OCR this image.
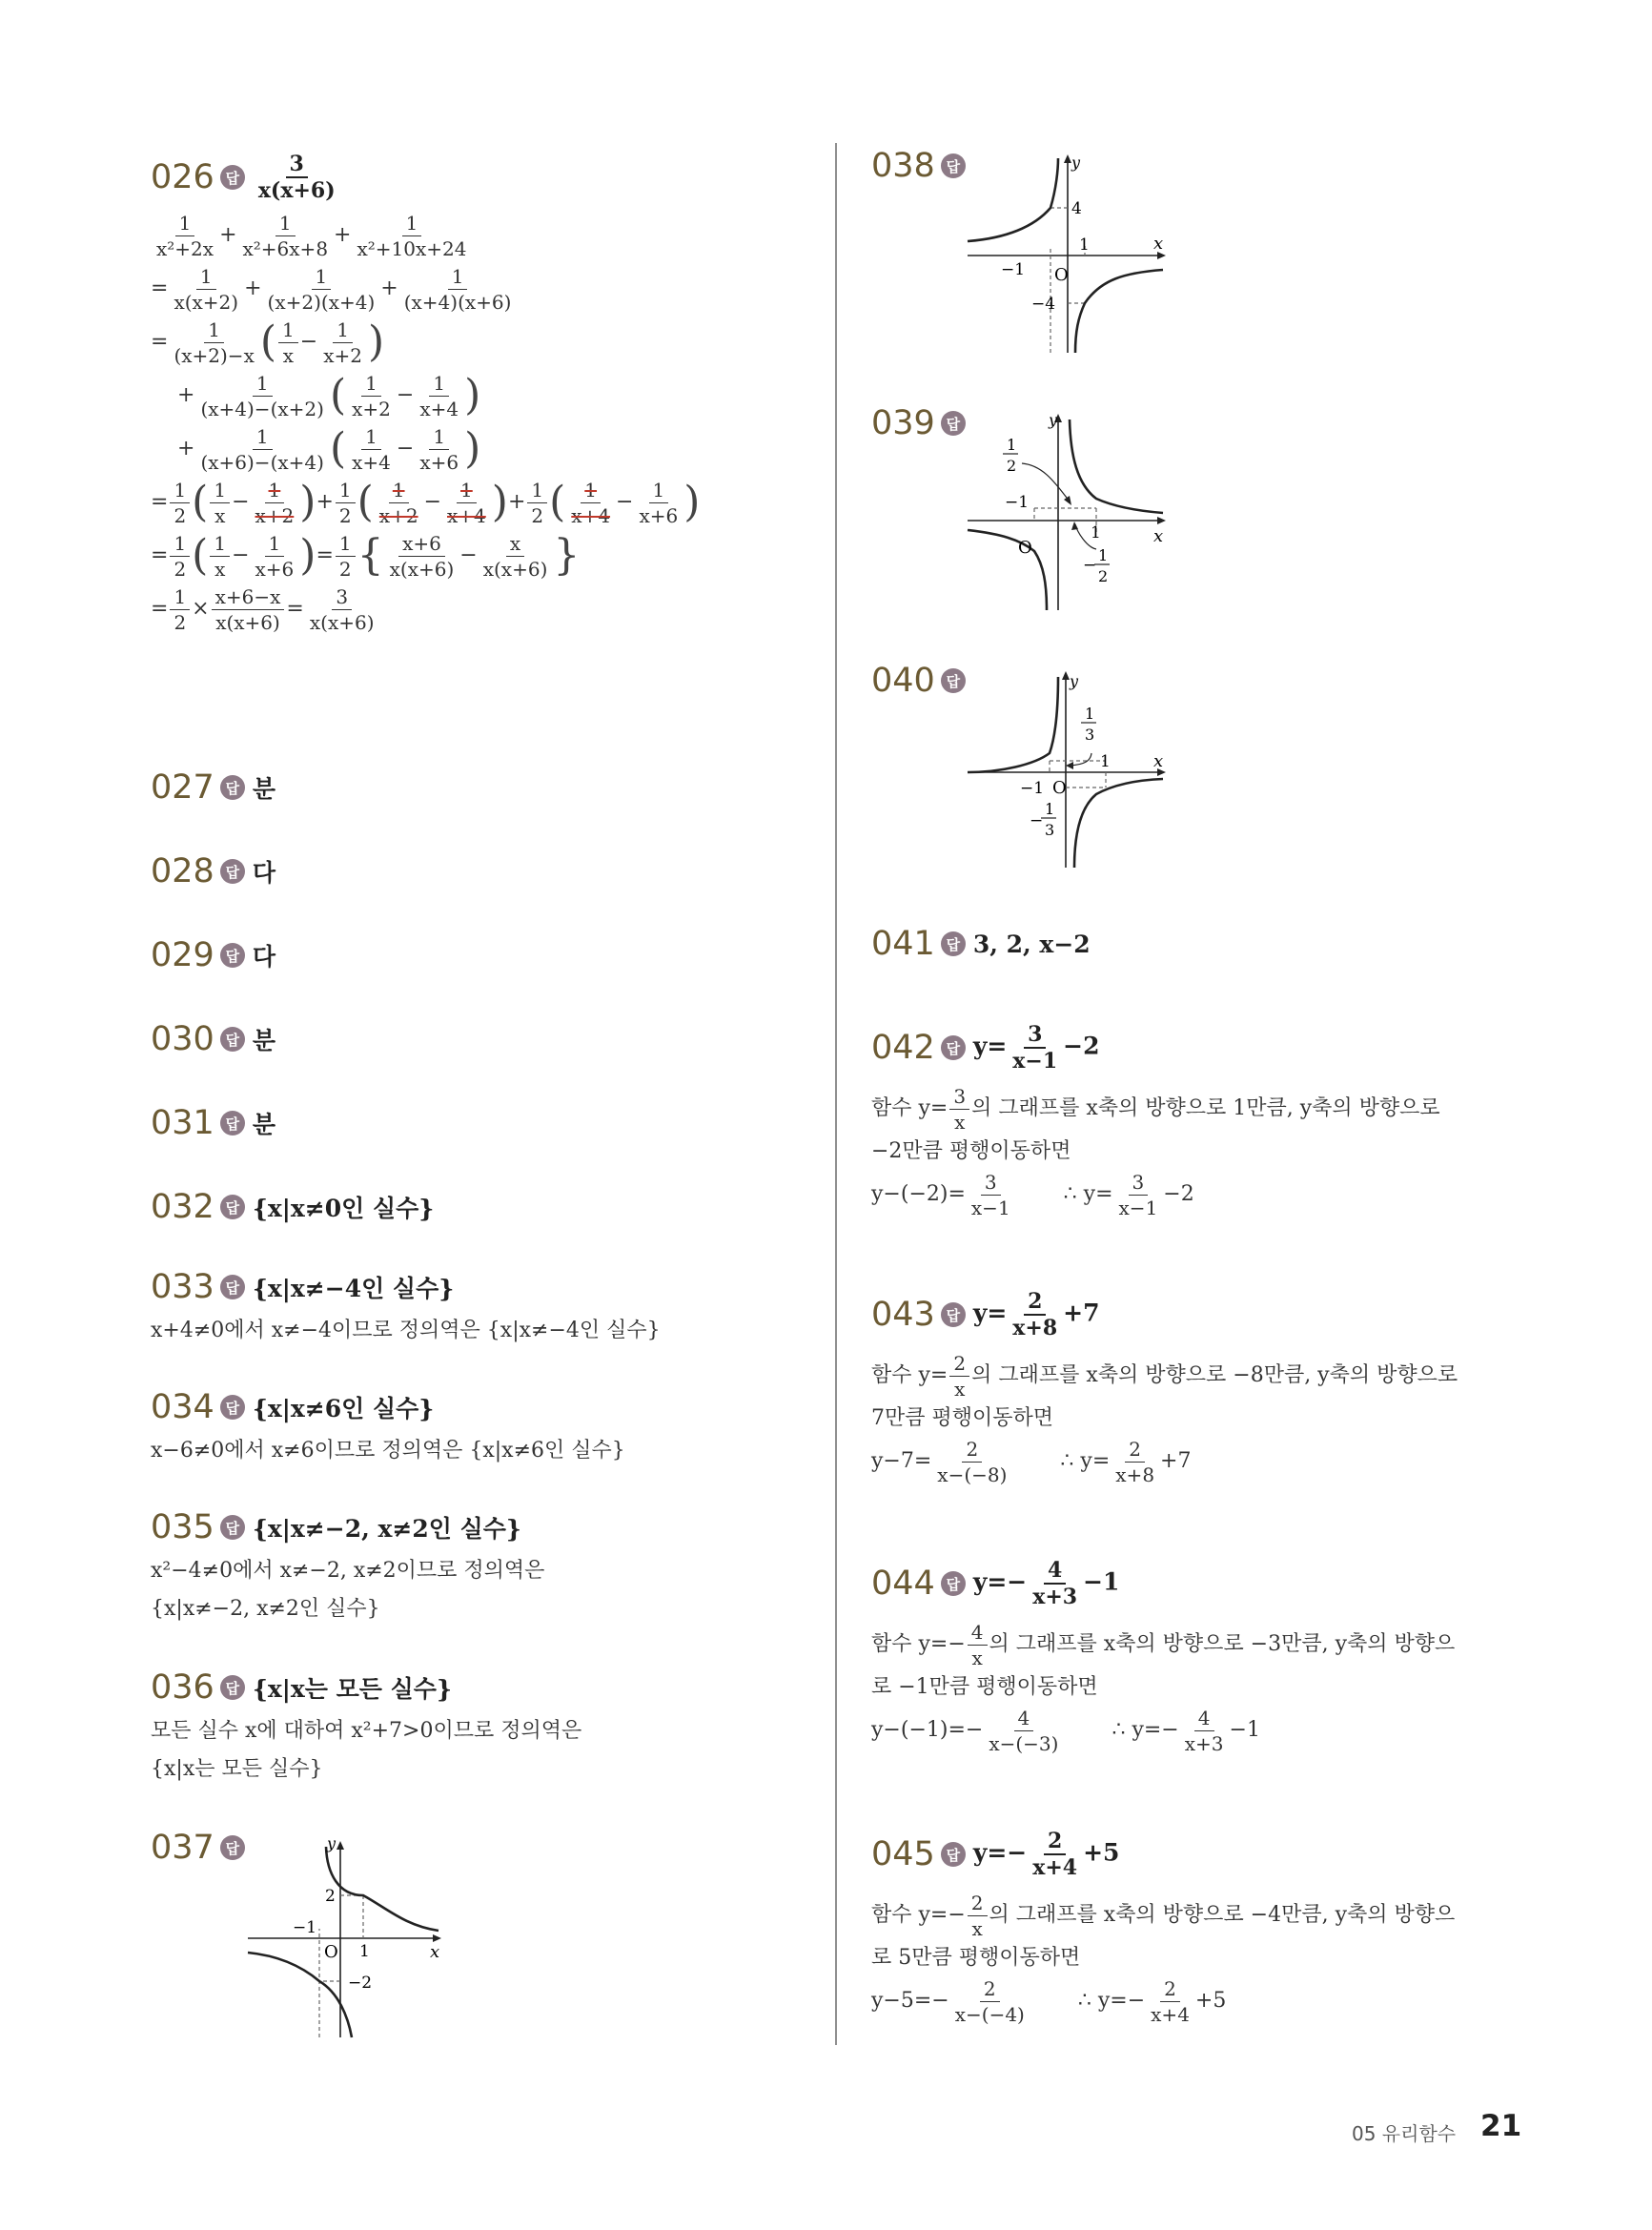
026 답 $\frac{3}{x(x+6)}$
$\frac{1}{\text{x²+2x}} + \frac{1}{\text{x²+6x+8}} + \frac{1}{\text{x²+10x+24}}$
= $\frac{1}{x(x+2)} + \frac{1}{(x+2)(x+4)} + \frac{1}{(x+4)(x+6)}$
= $\frac{1}{(x+2)-x}$ ( $\frac{1}{x} - \frac{1}{x+2}$ )
+ $\frac{1}{(x+4)-(x+2)}$ ( $\frac{1}{x+2} - \frac{1}{x+4}$ )
+ $\frac{1}{(x+6)-(x+4)}$ ( $\frac{1}{x+4} - \frac{1}{x+6}$ )
= $\frac{1}{2}$ ( $\frac{1}{x} - \frac{1}{x+2}$ ) + $\frac{1}{2}$ ( $\frac{1}{x+2} - \frac{1}{x+4}$ ) + $\frac{1}{2}$ ( $\frac{1}{x+4} - \frac{1}{x+6}$ )
= $\frac{1}{2}$ ( $\frac{1}{x} - \frac{1}{x+6}$ ) = $\frac{1}{2}$ { $\frac{x+6}{x(x+6)} - \frac{x}{x(x+6)}$ }
= $\frac{1}{2} \times \frac{x+6-x}{x(x+6)} = \frac{3}{x(x+6)}$
027 답 분
028 답 다
029 답 다
030 답 분
031 답 분
032 답 {x|x≠0인 실수}
033 답 {x|x≠−4인 실수}
x+4≠0에서 x≠−4이므로 정의역은 {x|x≠−4인 실수}
034 답 {x|x≠6인 실수}
x−6≠0에서 x≠6이므로 정의역은 {x|x≠6인 실수}
035 답 {x|x≠−2, x≠2인 실수}
x²−4≠0에서 x≠−2, x≠2이므로 정의역은
{x|x≠−2, x≠2인 실수}
036 답 {x|x는 모든 실수}
모든 실수 x에 대하여 x²+7>0이므로 정의역은
{x|x는 모든 실수}
037 답	y
x
O
2
−1
1
−2
038 답	y
x
O
4
1
−1
−4
039 답	y
x
O
1
2
−1
1
−
1
2
040 답	y
x
O
1
3
−1
1
−
1
3
041 답 3, 2, x−2
042 답 $y= \frac{3}{x-1} -2$
함수 $y= \frac{3}{x}$ 의 그래프를 x축의 방향으로 1만큼, y축의 방향으로
−2만큼 평행이동하면
$y-(-2)= \frac{3}{x-1}$ ∴ $y= \frac{3}{x-1} -2$
043 답 $y= \frac{2}{x+8} +7$
함수 $y= \frac{2}{x}$ 의 그래프를 x축의 방향으로 −8만큼, y축의 방향으로
7만큼 평행이동하면
$y-7= \frac{2}{x-(-8)}$ ∴ $y= \frac{2}{x+8} +7$
044 답 $y=- \frac{4}{x+3} -1$
함수 $y=- \frac{4}{x}$ 의 그래프를 x축의 방향으로 −3만큼, y축의 방향으
로 −1만큼 평행이동하면
$y-(-1)=- \frac{4}{x-(-3)}$ ∴ $y=- \frac{4}{x+3} -1$
045 답 $y=- \frac{2}{x+4} +5$
함수 $y=- \frac{2}{x}$ 의 그래프를 x축의 방향으로 −4만큼, y축의 방향으
로 5만큼 평행이동하면
$y-5=- \frac{2}{x-(-4)}$ ∴ $y=- \frac{2}{x+4} +5$
05 유리함수 21
